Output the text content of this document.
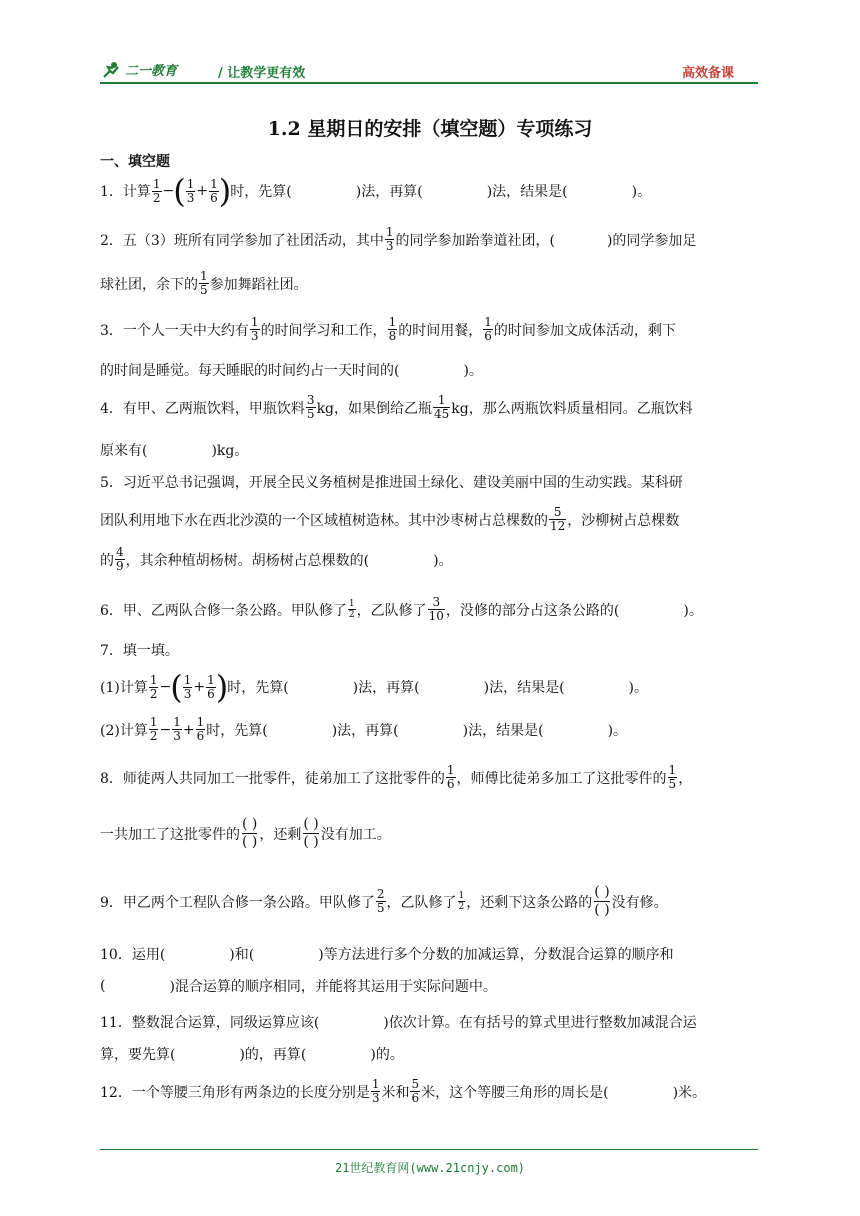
二一教育	/ 让教学更有效	高效备课
1.2 星期日的安排（填空题）专项练习
一、填空题
1．计算
1
2 − ( 1
$3 + \frac{1}{6}$ ) 时，先算(	)法，再算(	)法，结果是(	)。
2．五（3）班所有同学参加了社团活动，其中
1
3 的同学参加跆拳道社团，(	)的同学参加足
球社团，余下的
1
5 参加舞蹈社团。
3．一个人一天中大约有
1
3 的时间学习和工作，
1
8 的时间用餐，
1
6 的时间参加文成体活动，剩下
的时间是睡觉。每天睡眠的时间约占一天时间的(	)。
4．有甲、乙两瓶饮料，甲瓶饮料
3
5 kg，如果倒给乙瓶
1
45 kg，那么两瓶饮料质量相同。乙瓶饮料
原来有(	)kg。
5．习近平总书记强调，开展全民义务植树是推进国土绿化、建设美丽中国的生动实践。某科研
团队利用地下水在西北沙漠的一个区域植树造林。其中沙枣树占总棵数的
5
12 ，沙柳树占总棵数
的
4
9 ，其余种植胡杨树。胡杨树占总棵数的(	)。
6．甲、乙两队合修一条公路。甲队修了 1
2 ，乙队修了
3
10 ，没修的部分占这条公路的(	)。
7．填一填。
(1)计算
1
2 − ( 1
$3 + \frac{1}{6}$ ) 时，先算(	)法，再算(	)法，结果是(	)。
(2)计算
1
$2 - \frac{1}{3} + \frac{1}{6}$ 时，先算(	)法，再算(	)法，结果是(	)。
8．师徒两人共同加工一批零件，徒弟加工了这批零件的
1
6 ，师傅比徒弟多加工了这批零件的
1
5 ，
一共加工了这批零件的
( )
( ) ，还剩
( )
( ) 没有加工。
9．甲乙两个工程队合修一条公路。甲队修了
2
5 ，乙队修了 1
2 ，还剩下这条公路的
( )
( ) 没有修。
10．运用(	)和(	)等方法进行多个分数的加减运算，分数混合运算的顺序和
(	)混合运算的顺序相同，并能将其运用于实际问题中。
11．整数混合运算，同级运算应该(	)依次计算。在有括号的算式里进行整数加减混合运
算，要先算(	)的，再算(	)的。
12．一个等腰三角形有两条边的长度分别是
1
3 米和
5
6 米，这个等腰三角形的周长是(	)米。
21世纪教育网(www.21cnjy.com)
